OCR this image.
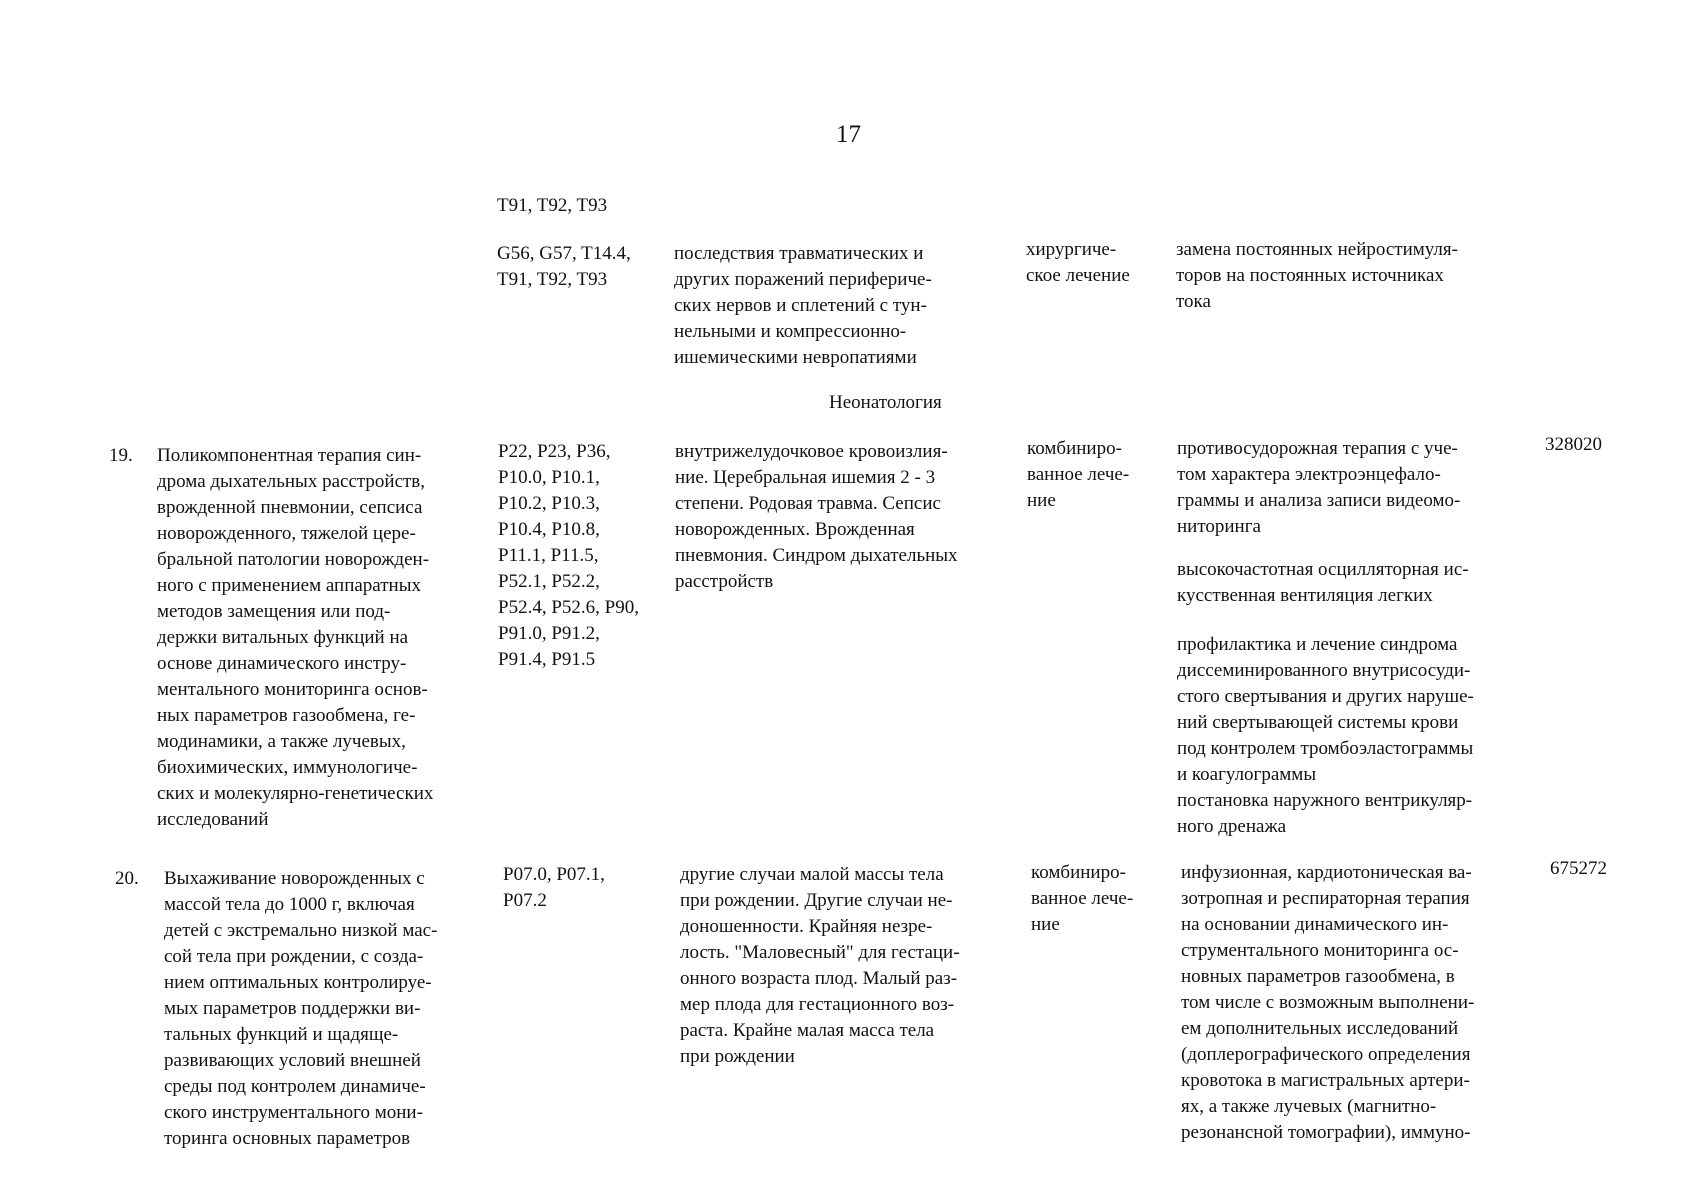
17
T91, T92, T93
G56, G57, T14.4,
T91, T92, T93
последствия травматических и
других поражений перифериче-
ских нервов и сплетений с тун-
нельными и компрессионно-
ишемическими невропатиями
хирургиче-
ское лечение
замена постоянных нейростимуля-
торов на постоянных источниках
тока
Неонатология
19. Поликомпонентная терапия син-
дрома дыхательных расстройств,
врожденной пневмонии, сепсиса
новорожденного, тяжелой цере-
бральной патологии новорожден-
ного с применением аппаратных
методов замещения или под-
держки витальных функций на
основе динамического инстру-
ментального мониторинга основ-
ных параметров газообмена, ге-
модинамики, а также лучевых,
биохимических, иммунологиче-
ских и молекулярно-генетических
исследований
P22, P23, P36,
P10.0, P10.1,
P10.2, P10.3,
P10.4, P10.8,
P11.1, P11.5,
P52.1, P52.2,
P52.4, P52.6, P90,
P91.0, P91.2,
P91.4, P91.5
внутрижелудочковое кровоизлия-
ние. Церебральная ишемия 2 - 3
степени. Родовая травма. Сепсис
новорожденных. Врожденная
пневмония. Синдром дыхательных
расстройств
комбиниро-
ванное лече-
ние
противосудорожная терапия с уче-
том характера электроэнцефало-
граммы и анализа записи видеомо-
ниторинга
высокочастотная осцилляторная ис-
кусственная вентиляция легких
профилактика и лечение синдрома
диссеминированного внутрисосуди-
стого свертывания и других наруше-
ний свертывающей системы крови
под контролем тромбоэластограммы
и коагулограммы
постановка наружного вентрикуляр-
ного дренажа
328020
20. Выхаживание новорожденных с
массой тела до 1000 г, включая
детей с экстремально низкой мас-
сой тела при рождении, с созда-
нием оптимальных контролируе-
мых параметров поддержки ви-
тальных функций и щадяще-
развивающих условий внешней
среды под контролем динамиче-
ского инструментального мони-
торинга основных параметров
P07.0, P07.1,
P07.2
другие случаи малой массы тела
при рождении. Другие случаи не-
доношенности. Крайняя незре-
лость. "Маловесный" для гестаци-
онного возраста плод. Малый раз-
мер плода для гестационного воз-
раста. Крайне малая масса тела
при рождении
комбиниро-
ванное лече-
ние
инфузионная, кардиотоническая ва-
зотропная и респираторная терапия
на основании динамического ин-
струментального мониторинга ос-
новных параметров газообмена, в
том числе с возможным выполнени-
ем дополнительных исследований
(доплерографического определения
кровотока в магистральных артери-
ях, а также лучевых (магнитно-
резонансной томографии), иммуно-
675272
